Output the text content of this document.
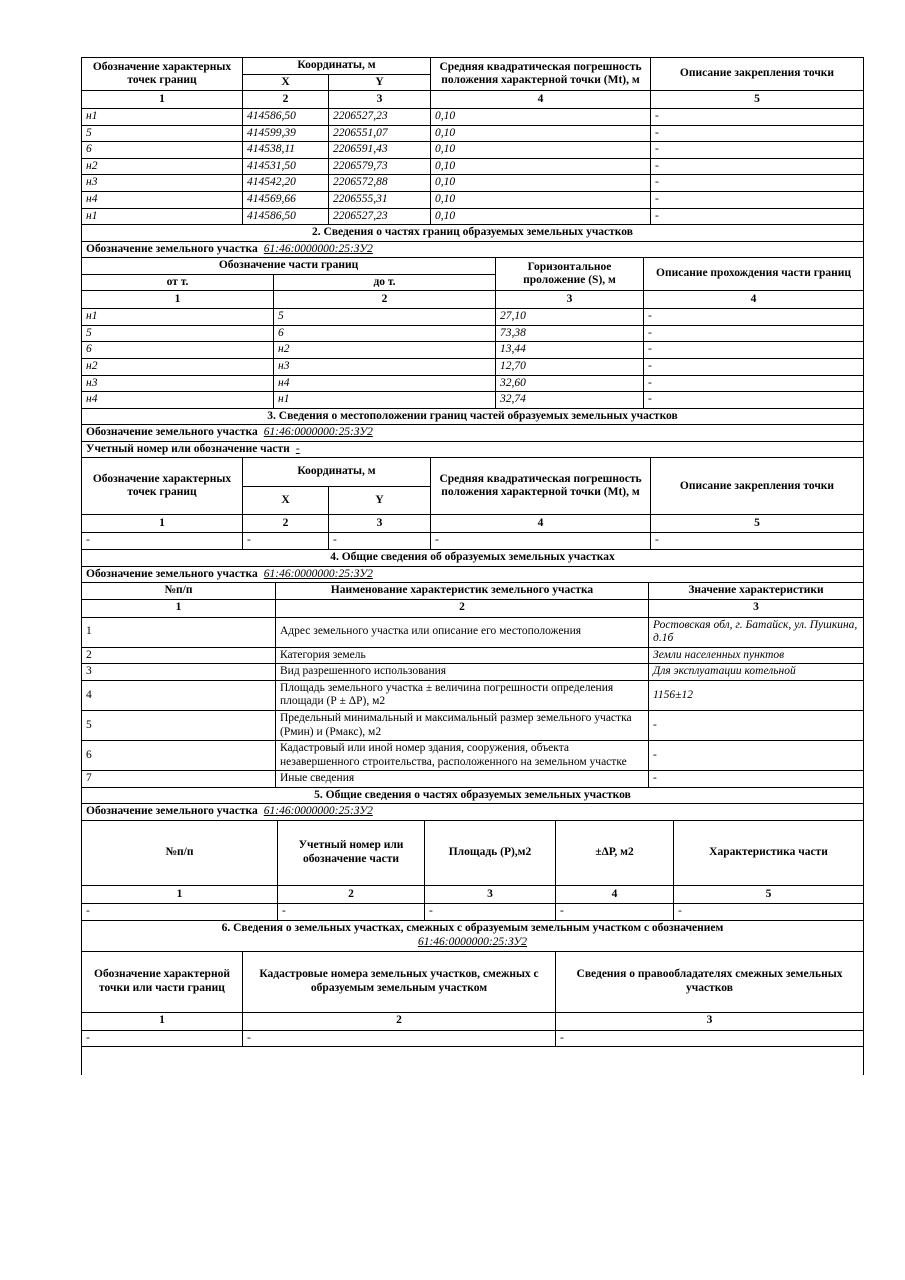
Обозначение характерных точек границ	Координаты, м		Средняя квадратическая погрешность положения характерной точки (Mt), м	Описание закрепления точки
	X	Y		
1	2	3	4	5
н1	414586,50	2206527,23	0,10	-
5	414599,39	2206551,07	0,10	-
6	414538,11	2206591,43	0,10	-
н2	414531,50	2206579,73	0,10	-
н3	414542,20	2206572,88	0,10	-
н4	414569,66	2206555,31	0,10	-
н1	414586,50	2206527,23	0,10	-
2. Сведения о частях границ образуемых земельных участков				
Обозначение земельного участка 61:46:0000000:25:ЗУ2				
Обозначение части границ		Горизонтальное проложение (S), м	Описание прохождения части границ
от т.	до т.		
1	2	3	4
н1	5	27,10	-
5	6	73,38	-
6	н2	13,44	-
н2	н3	12,70	-
н3	н4	32,60	-
н4	н1	32,74	-
3. Сведения о местоположении границ частей образуемых земельных участков			
Обозначение земельного участка 61:46:0000000:25:ЗУ2			
Учетный номер или обозначение части -			
Обозначение характерных точек границ	Координаты, м		Средняя квадратическая погрешность положения характерной точки (Mt), м	Описание закрепления точки
	X	Y		
1	2	3	4	5
-	-	-	-	-
4. Общие сведения об образуемых земельных участках				
Обозначение земельного участка 61:46:0000000:25:ЗУ2				
№п/п	Наименование характеристик земельного участка	Значение характеристики
1	2	3
1	Адрес земельного участка или описание его местоположения	Ростовская обл, г. Батайск, ул. Пушкина, д.1б
2	Категория земель	Земли населенных пунктов
3	Вид разрешенного использования	Для эксплуатации котельной
4	Площадь земельного участка ± величина погрешности определения площади (Р ± ΔР), м2	1156±12
5	Предельный минимальный и максимальный размер земельного участка (Рмин) и (Рмакс), м2	-
6	Кадастровый или иной номер здания, сооружения, объекта незавершенного строительства, расположенного на земельном участке	-
7	Иные сведения	-
5. Общие сведения о частях образуемых земельных участков		
Обозначение земельного участка 61:46:0000000:25:ЗУ2		
№п/п	Учетный номер или обозначение части	Площадь (Р),м2	±ΔР, м2	Характеристика части
1	2	3	4	5
-	-	-	-	-

6. Сведения о земельных участках, смежных с образуемым земельным участком с обозначением
61:46:0000000:25:ЗУ2				
Обозначение характерной точки или части границ	Кадастровые номера земельных участков, смежных с образуемым земельным участком	Сведения о правообладателях смежных земельных участков
1	2	3
-	-	-
